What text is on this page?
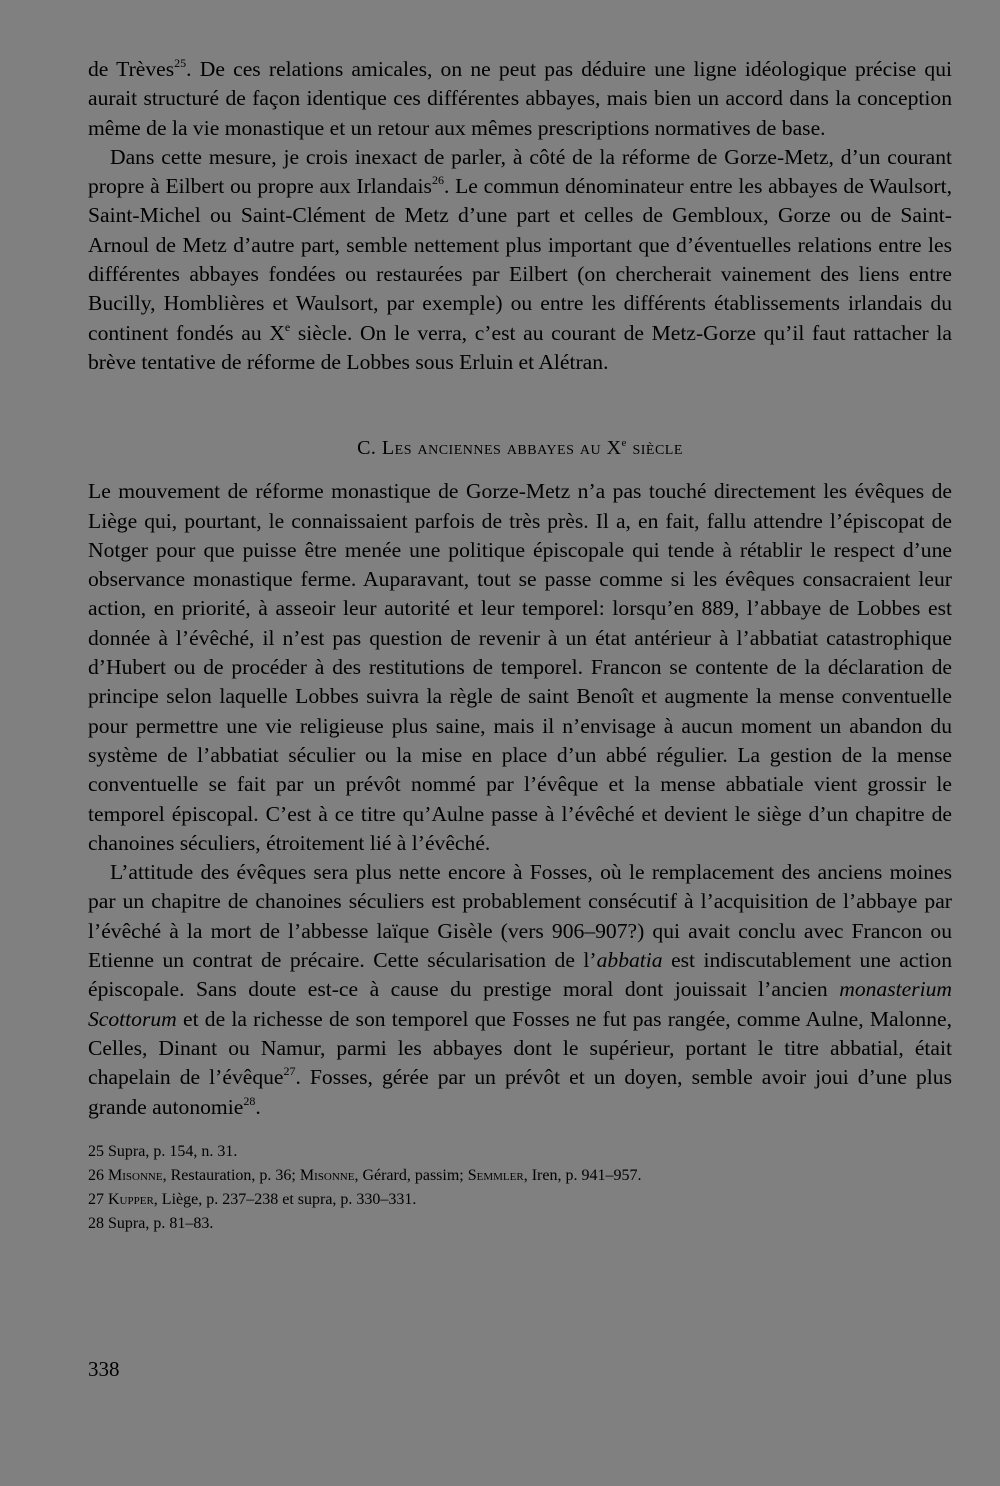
de Trèves$^{25}$. De ces relations amicales, on ne peut pas déduire une ligne idéologique précise qui aurait structuré de façon identique ces différentes abbayes, mais bien un accord dans la conception même de la vie monastique et un retour aux mêmes prescriptions normatives de base.

Dans cette mesure, je crois inexact de parler, à côté de la réforme de Gorze-Metz, d’un courant propre à Eilbert ou propre aux Irlandais$^{26}$. Le commun dénominateur entre les abbayes de Waulsort, Saint-Michel ou Saint-Clément de Metz d’une part et celles de Gembloux, Gorze ou de Saint-Arnoul de Metz d’autre part, semble nettement plus important que d’éventuelles relations entre les différentes abbayes fondées ou restaurées par Eilbert (on chercherait vainement des liens entre Bucilly, Homblières et Waulsort, par exemple) ou entre les différents établissements irlandais du continent fondés au Xe siècle. On le verra, c’est au courant de Metz-Gorze qu’il faut rattacher la brève tentative de réforme de Lobbes sous Erluin et Alétran.

C. Les anciennes abbayes au Xe siècle

Le mouvement de réforme monastique de Gorze-Metz n’a pas touché directement les évêques de Liège qui, pourtant, le connaissaient parfois de très près. Il a, en fait, fallu attendre l’épiscopat de Notger pour que puisse être menée une politique épiscopale qui tende à rétablir le respect d’une observance monastique ferme. Auparavant, tout se passe comme si les évêques consacraient leur action, en priorité, à asseoir leur autorité et leur temporel: lorsqu’en 889, l’abbaye de Lobbes est donnée à l’évêché, il n’est pas question de revenir à un état antérieur à l’abbatiat catastrophique d’Hubert ou de procéder à des restitutions de temporel. Francon se contente de la déclaration de principe selon laquelle Lobbes suivra la règle de saint Benoît et augmente la mense conventuelle pour permettre une vie religieuse plus saine, mais il n’envisage à aucun moment un abandon du système de l’abbatiat séculier ou la mise en place d’un abbé régulier. La gestion de la mense conventuelle se fait par un prévôt nommé par l’évêque et la mense abbatiale vient grossir le temporel épiscopal. C’est à ce titre qu’Aulne passe à l’évêché et devient le siège d’un chapitre de chanoines séculiers, étroitement lié à l’évêché.

L’attitude des évêques sera plus nette encore à Fosses, où le remplacement des anciens moines par un chapitre de chanoines séculiers est probablement consécutif à l’acquisition de l’abbaye par l’évêché à la mort de l’abbesse laïque Gisèle (vers 906–907?) qui avait conclu avec Francon ou Etienne un contrat de précaire. Cette sécularisation de l’abbatia est indiscutablement une action épiscopale. Sans doute est-ce à cause du prestige moral dont jouissait l’ancien monasterium Scottorum et de la richesse de son temporel que Fosses ne fut pas rangée, comme Aulne, Malonne, Celles, Dinant ou Namur, parmi les abbayes dont le supérieur, portant le titre abbatial, était chapelain de l’évêque$^{27}$. Fosses, gérée par un prévôt et un doyen, semble avoir joui d’une plus grande autonomie$^{28}$.

25 Supra, p. 154, n. 31.

26 Misonne, Restauration, p. 36; Misonne, Gérard, passim; Semmler, Iren, p. 941–957.

27 Kupper, Liège, p. 237–238 et supra, p. 330–331.

28 Supra, p. 81–83.

338
